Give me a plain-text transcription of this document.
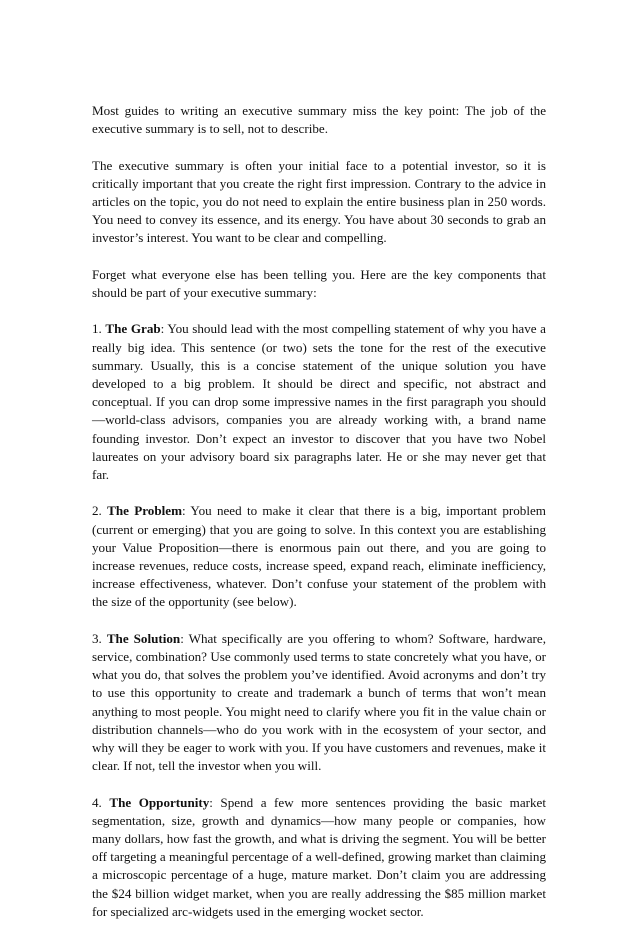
Most guides to writing an executive summary miss the key point: The job of the executive summary is to sell, not to describe.

The executive summary is often your initial face to a potential investor, so it is critically important that you create the right first impression. Contrary to the advice in articles on the topic, you do not need to explain the entire business plan in 250 words. You need to convey its essence, and its energy. You have about 30 seconds to grab an investor’s interest. You want to be clear and compelling.

Forget what everyone else has been telling you. Here are the key components that should be part of your executive summary:

1. The Grab: You should lead with the most compelling statement of why you have a really big idea. This sentence (or two) sets the tone for the rest of the executive summary. Usually, this is a concise statement of the unique solution you have developed to a big problem. It should be direct and specific, not abstract and conceptual. If you can drop some impressive names in the first paragraph you should—world-class advisors, companies you are already working with, a brand name founding investor. Don’t expect an investor to discover that you have two Nobel laureates on your advisory board six paragraphs later. He or she may never get that far.

2. The Problem: You need to make it clear that there is a big, important problem (current or emerging) that you are going to solve. In this context you are establishing your Value Proposition—there is enormous pain out there, and you are going to increase revenues, reduce costs, increase speed, expand reach, eliminate inefficiency, increase effectiveness, whatever. Don’t confuse your statement of the problem with the size of the opportunity (see below).

3. The Solution: What specifically are you offering to whom? Software, hardware, service, combination? Use commonly used terms to state concretely what you have, or what you do, that solves the problem you’ve identified. Avoid acronyms and don’t try to use this opportunity to create and trademark a bunch of terms that won’t mean anything to most people. You might need to clarify where you fit in the value chain or distribution channels—who do you work with in the ecosystem of your sector, and why will they be eager to work with you. If you have customers and revenues, make it clear. If not, tell the investor when you will.

4. The Opportunity: Spend a few more sentences providing the basic market segmentation, size, growth and dynamics—how many people or companies, how many dollars, how fast the growth, and what is driving the segment. You will be better off targeting a meaningful percentage of a well-defined, growing market than claiming a microscopic percentage of a huge, mature market. Don’t claim you are addressing the $24 billion widget market, when you are really addressing the $85 million market for specialized arc-widgets used in the emerging wocket sector.
